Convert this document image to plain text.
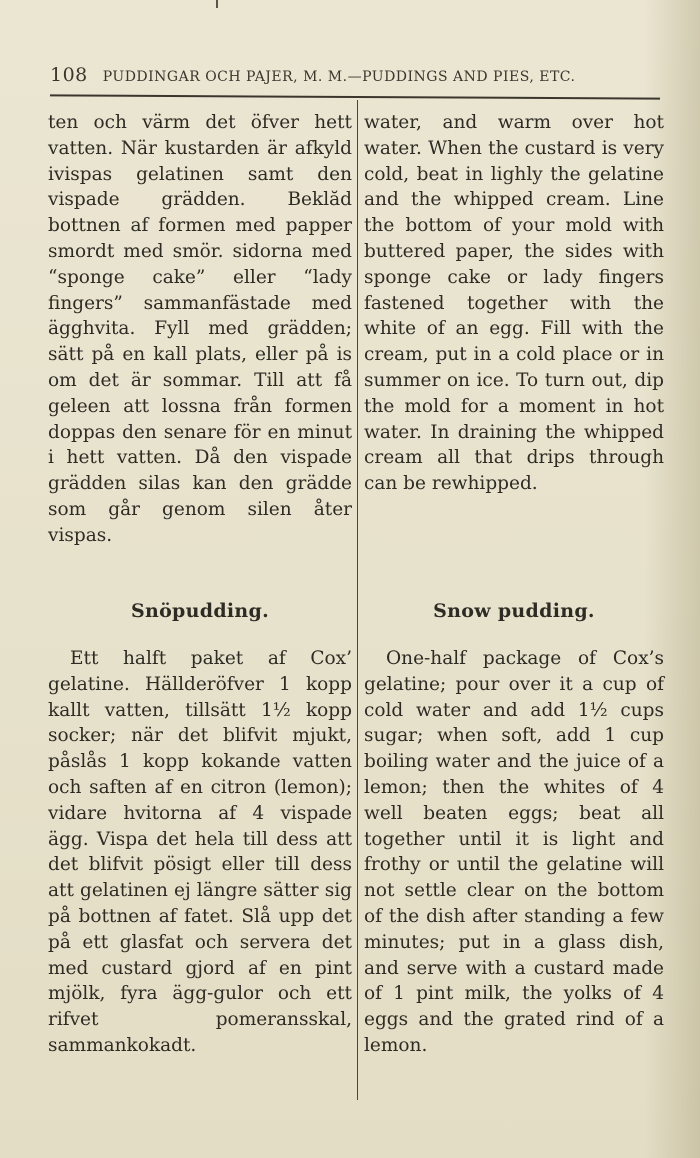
108 PUDDINGAR OCH PAJER, M. M.—PUDDINGS AND PIES, ETC.

ten och värm det öfver hett vatten. När kustarden är afkyld ivispas gelatinen samt den vispade grädden. Beklăd bottnen af formen med papper smordt med smör. sidorna med “sponge cake” eller “lady fingers” sammanfästade med ägghvita. Fyll med grädden; sätt på en kall plats, eller på is om det är sommar. Till att få geleen att lossna från formen doppas den senare för en minut i hett vatten. Då den vispade grädden silas kan den grädde som går genom silen åter vispas.

water, and warm over hot water. When the custard is very cold, beat in lighly the gelatine and the whipped cream. Line the bottom of your mold with buttered paper, the sides with sponge cake or lady fingers fastened together with the white of an egg. Fill with the cream, put in a cold place or in summer on ice. To turn out, dip the mold for a moment in hot water. In draining the whipped cream all that drips through can be rewhipped.

Snöpudding.	Snow pudding.

Ett halft paket af Cox’ gelatine. Hällderöfver 1 kopp kallt vatten, tillsätt 1½ kopp socker; när det blifvit mjukt, påslås 1 kopp kokande vatten och saften af en citron (lemon); vidare hvitorna af 4 vispade ägg. Vispa det hela till dess att det blifvit pösigt eller till dess att gelatinen ej längre sätter sig på bottnen af fatet. Slå upp det på ett glasfat och servera det med custard gjord af en pint mjölk, fyra ägg-gulor och ett rifvet pomeransskal, sammankokadt.

One-half package of Cox’s gelatine; pour over it a cup of cold water and add 1½ cups sugar; when soft, add 1 cup boiling water and the juice of a lemon; then the whites of 4 well beaten eggs; beat all together until it is light and frothy or until the gelatine will not settle clear on the bottom of the dish after standing a few minutes; put in a glass dish, and serve with a custard made of 1 pint milk, the yolks of 4 eggs and the grated rind of a lemon.
